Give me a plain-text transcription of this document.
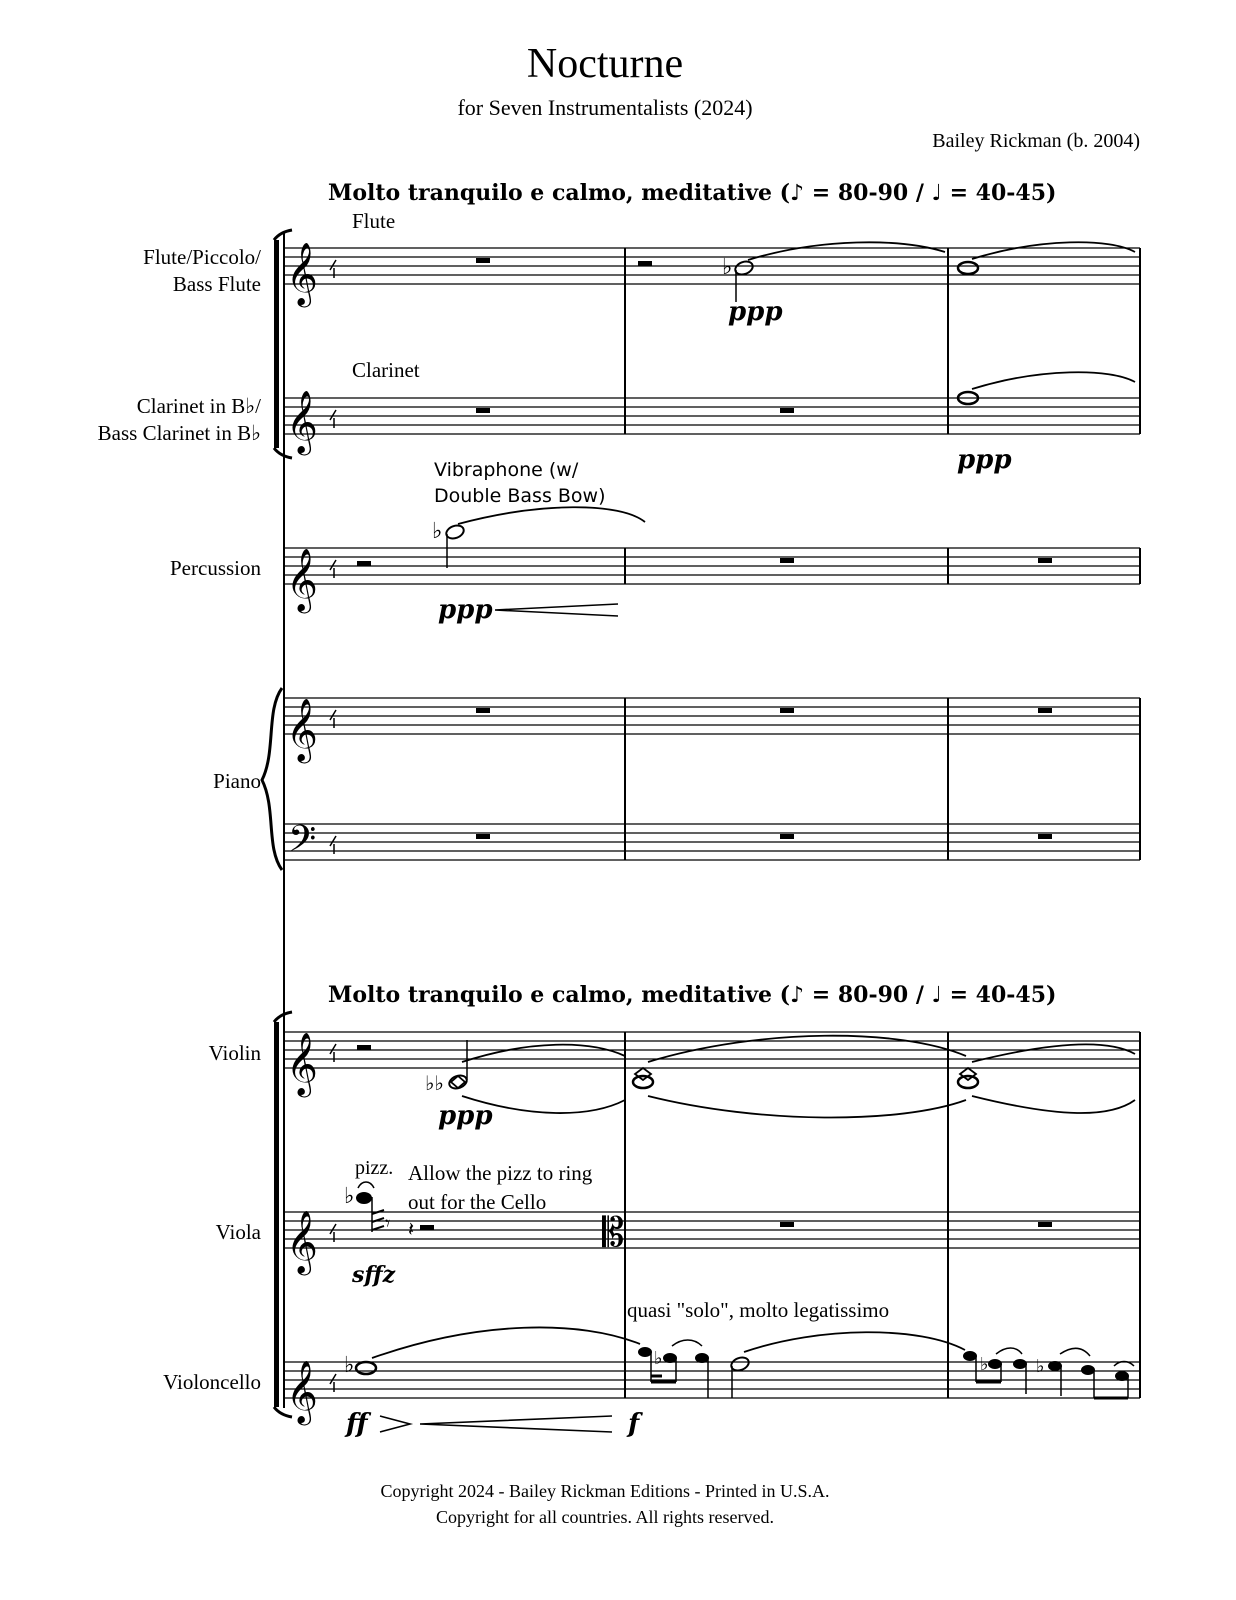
Nocturne
for Seven Instrumentalists (2024)
Bailey Rickman (b. 2004)
Molto tranquilo e calmo, meditative (♪ = 80-90 / ♩ = 40-45)
Molto tranquilo e calmo, meditative (♪ = 80-90 / ♩ = 40-45)
Flute/Piccolo/
Bass Flute
Clarinet in B♭/
Bass Clarinet in B♭
Percussion
Piano
Violin
Viola
Violoncello
Flute
Clarinet
Vibraphone (w/
Double Bass Bow)
pizz. Allow the pizz to ring
out for the Cello
quasi "solo", molto legatissimo
Copyright 2024 - Bailey Rickman Editions - Printed in U.S.A.
Copyright for all countries. All rights reserved.
𝄞
𝄞
𝄞
𝄞
𝄢
𝄞
𝄞
𝄞
𝄡
♭
♭
♭♭
♭
𝄾 𝄽
♭	♭	♭	♭
ppp
ppp
ppp
ppp
sffz
ff	f
